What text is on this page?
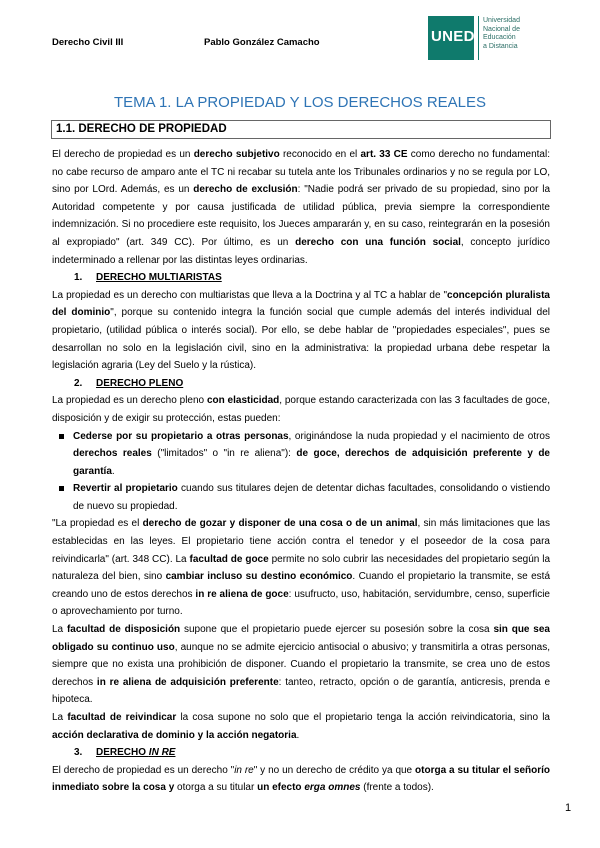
Derecho Civil III	Pablo González Camacho	UNED
Universidad
Nacional de
Educación
a Distancia
TEMA 1. LA PROPIEDAD Y LOS DERECHOS REALES
1.1. DERECHO DE PROPIEDAD

El derecho de propiedad es un derecho subjetivo reconocido en el art. 33 CE como derecho no fundamental: no cabe recurso de amparo ante el TC ni recabar su tutela ante los Tribunales ordinarios y no se regula por LO, sino por LOrd. Además, es un derecho de exclusión: "Nadie podrá ser privado de su propiedad, sino por la Autoridad competente y por causa justificada de utilidad pública, previa siempre la correspondiente indemnización. Si no procediere este requisito, los Jueces ampararán y, en su caso, reintegrarán en la posesión al expropiado" (art. 349 CC). Por último, es un derecho con una función social, concepto jurídico indeterminado a rellenar por las distintas leyes ordinarias.

1. DERECHO MULTIARISTAS

La propiedad es un derecho con multiaristas que lleva a la Doctrina y al TC a hablar de "concepción pluralista del dominio", porque su contenido integra la función social que cumple además del interés individual del propietario, (utilidad pública o interés social). Por ello, se debe hablar de "propiedades especiales", pues se desarrollan no solo en la legislación civil, sino en la administrativa: la propiedad urbana debe respetar la legislación agraria (Ley del Suelo y la rústica).

2. DERECHO PLENO

La propiedad es un derecho pleno con elasticidad, porque estando caracterizada con las 3 facultades de goce, disposición y de exigir su protección, estas pueden:

Cederse por su propietario a otras personas, originándose la nuda propiedad y el nacimiento de otros derechos reales ("limitados" o "in re aliena"): de goce, derechos de adquisición preferente y de garantía.
Revertir al propietario cuando sus titulares dejen de detentar dichas facultades, consolidando o vistiendo de nuevo su propiedad.

"La propiedad es el derecho de gozar y disponer de una cosa o de un animal, sin más limitaciones que las establecidas en las leyes. El propietario tiene acción contra el tenedor y el poseedor de la cosa para reivindicarla" (art. 348 CC). La facultad de goce permite no solo cubrir las necesidades del propietario según la naturaleza del bien, sino cambiar incluso su destino económico. Cuando el propietario la transmite, se está creando uno de estos derechos in re aliena de goce: usufructo, uso, habitación, servidumbre, censo, superficie o aprovechamiento por turno.

La facultad de disposición supone que el propietario puede ejercer su posesión sobre la cosa sin que sea obligado su continuo uso, aunque no se admite ejercicio antisocial o abusivo; y transmitirla a otras personas, siempre que no exista una prohibición de disponer. Cuando el propietario la transmite, se crea uno de estos derechos in re aliena de adquisición preferente: tanteo, retracto, opción o de garantía, anticresis, prenda e hipoteca.

La facultad de reivindicar la cosa supone no solo que el propietario tenga la acción reivindicatoria, sino la acción declarativa de dominio y la acción negatoria.

3. DERECHO IN RE

El derecho de propiedad es un derecho "in re" y no un derecho de crédito ya que otorga a su titular el señorío inmediato sobre la cosa y otorga a su titular un efecto erga omnes (frente a todos).

1
